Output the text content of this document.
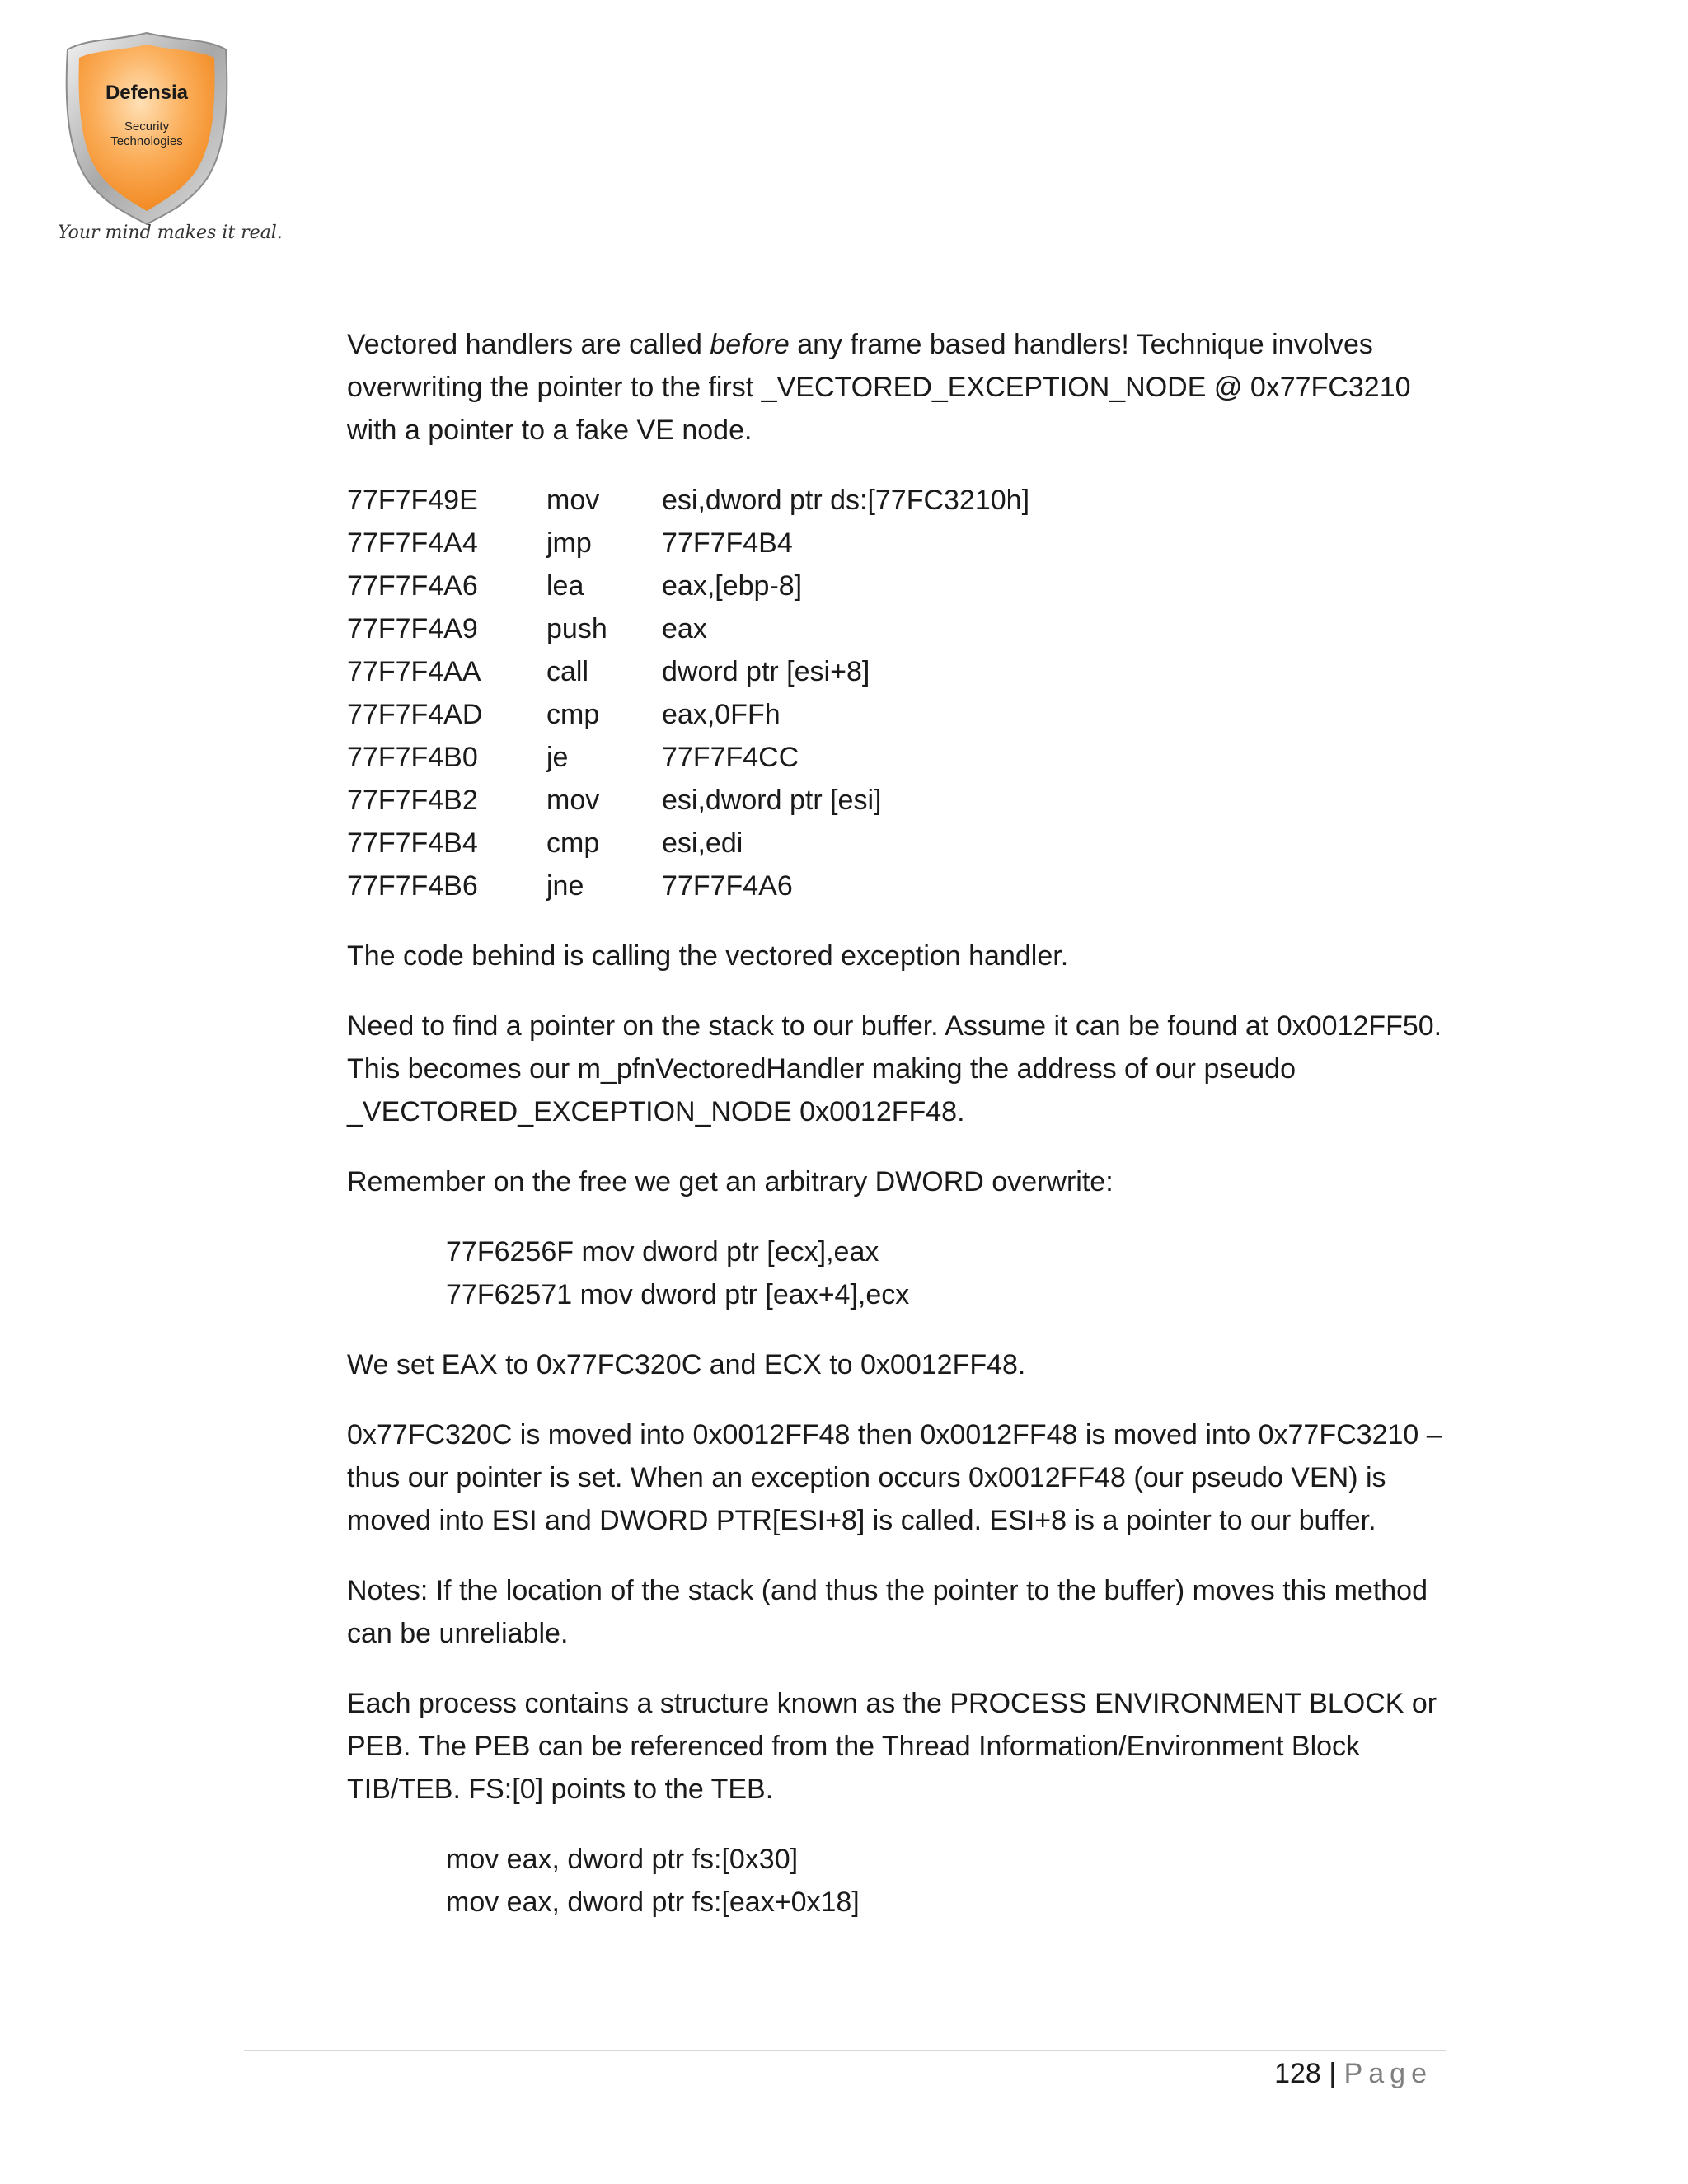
Defensia
Security
Technologies
Your mind makes it real.

Vectored handlers are called before any frame based handlers! Technique involves overwriting the pointer to the first _VECTORED_EXCEPTION_NODE @ 0x77FC3210 with a pointer to a fake VE node.

77F7F49E	mov	esi,dword ptr ds:[77FC3210h]
77F7F4A4	jmp	77F7F4B4
77F7F4A6	lea	eax,[ebp-8]
77F7F4A9	push	eax
77F7F4AA	call	dword ptr [esi+8]
77F7F4AD	cmp	eax,0FFh
77F7F4B0	je	77F7F4CC
77F7F4B2	mov	esi,dword ptr [esi]
77F7F4B4	cmp	esi,edi
77F7F4B6	jne	77F7F4A6

The code behind is calling the vectored exception handler.

Need to find a pointer on the stack to our buffer. Assume it can be found at 0x0012FF50. This becomes our m_pfnVectoredHandler making the address of our pseudo _VECTORED_EXCEPTION_NODE 0x0012FF48.

Remember on the free we get an arbitrary DWORD overwrite:

77F6256F mov dword ptr [ecx],eax
77F62571 mov dword ptr [eax+4],ecx

We set EAX to 0x77FC320C and ECX to 0x0012FF48.

0x77FC320C is moved into 0x0012FF48 then 0x0012FF48 is moved into 0x77FC3210 – thus our pointer is set. When an exception occurs 0x0012FF48 (our pseudo VEN) is moved into ESI and DWORD PTR[ESI+8] is called. ESI+8 is a pointer to our buffer.

Notes: If the location of the stack (and thus the pointer to the buffer) moves this method can be unreliable.

Each process contains a structure known as the PROCESS ENVIRONMENT BLOCK or PEB. The PEB can be referenced from the Thread Information/Environment Block TIB/TEB. FS:[0] points to the TEB.

mov eax, dword ptr fs:[0x30]
mov eax, dword ptr fs:[eax+0x18]
128 | Page
